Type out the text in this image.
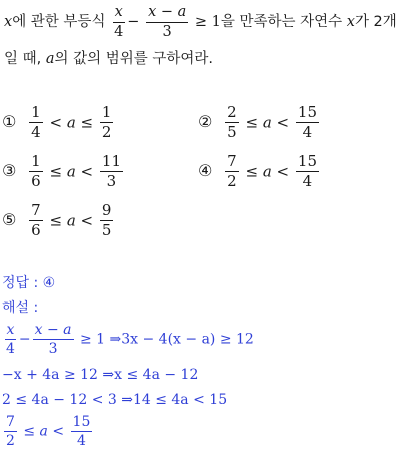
x에 관한 부등식 $\frac{x}{4} - \frac{x - a}{3} \ge 1$을 만족하는 자연수 x가 2개
일 때, a의 값의 범위를 구하여라.
① $\frac{1}{4} < a \le \frac{1}{2}$	② $\frac{2}{5} \le a < \frac{15}{4}$
③ $\frac{1}{6} \le a < \frac{11}{3}$	④ $\frac{7}{2} \le a < \frac{15}{4}$
⑤ $\frac{7}{6} \le a < \frac{9}{5}$
정답 : ④
해설 :
$\frac{x}{4} - \frac{x - a}{3} \ge 1$ ⇒3x − 4(x − a) ≥ 12
−x + 4a ≥ 12 ⇒x ≤ 4a − 12
2 ≤ 4a − 12 < 3 ⇒14 ≤ 4a < 15
$\frac{7}{2} \le a < \frac{15}{4}$
